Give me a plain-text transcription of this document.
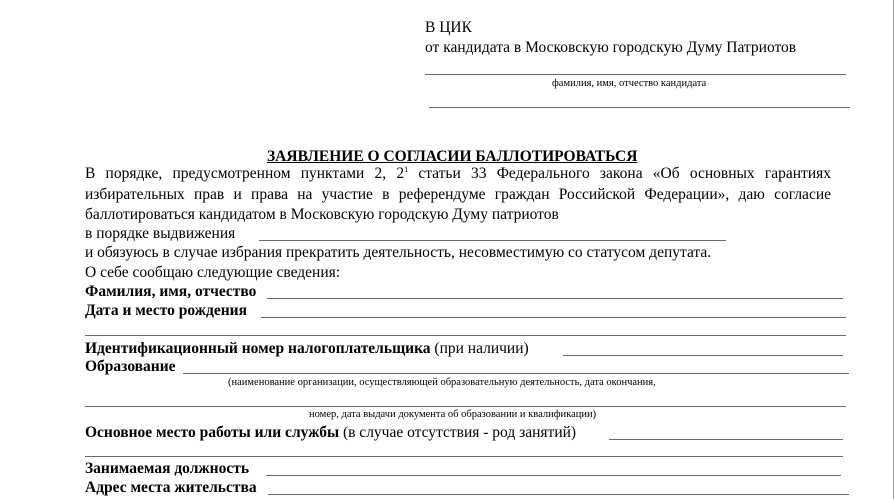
В ЦИК
от кандидата в Московскую городскую Думу Патриотов
фамилия, имя, отчество кандидата
ЗАЯВЛЕНИЕ О СОГЛАСИИ БАЛЛОТИРОВАТЬСЯ
В порядке, предусмотренном пунктами 2, $2^1$ статьи 33 Федерального закона «Об основных гарантиях
избирательных прав и права на участие в референдуме граждан Российской Федерации», даю согласие
баллотироваться кандидатом в Московскую городскую Думу патриотов
в порядке выдвижения
и обязуюсь в случае избрания прекратить деятельность, несовместимую со статусом депутата.
О себе сообщаю следующие сведения:
Фамилия, имя, отчество
Дата и место рождения
Идентификационный номер налогоплательщика (при наличии)
Образование
(наименование организации, осуществляющей образовательную деятельность, дата окончания,
номер, дата выдачи документа об образовании и квалификации)
Основное место работы или службы (в случае отсутствия - род занятий)
Занимаемая должность
Адрес места жительства
